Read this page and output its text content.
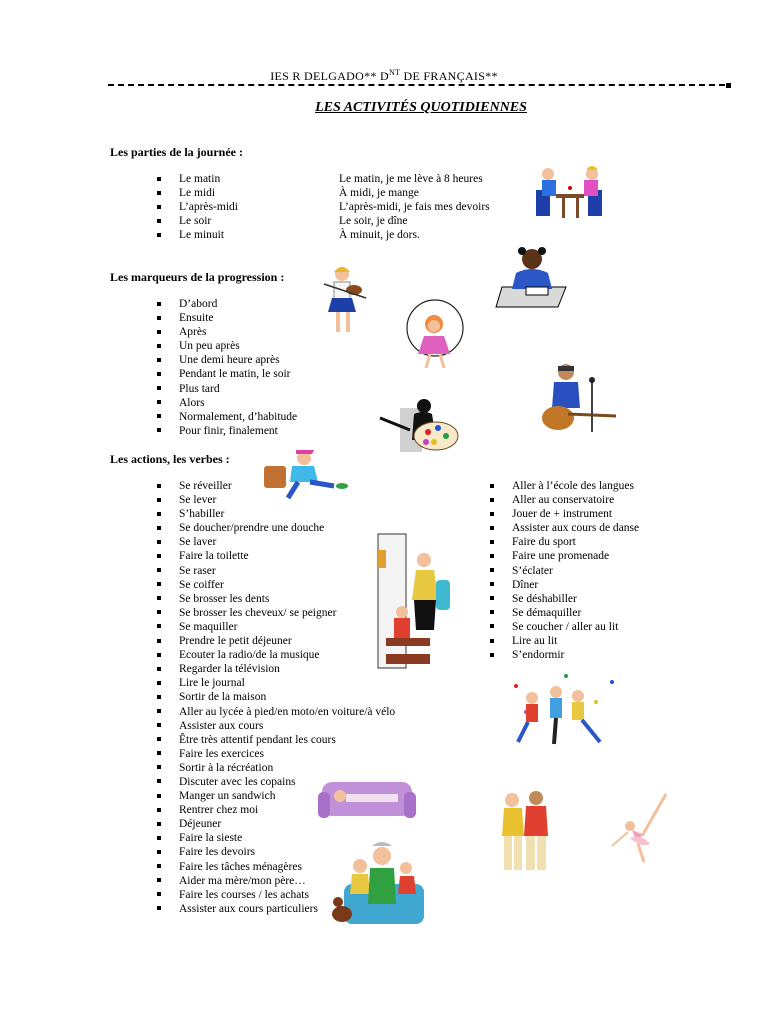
IES R DELGADO** $D^{NT}$ DE FRANÇAIS**
LES ACTIVITÉS QUOTIDIENNES
Les parties de la journée :
Le matin
Le midi
L’après-midi
Le soir
Le minuit
Le matin, je me lève à 8 heures
À midi, je mange
L’après-midi, je fais mes devoirs
Le soir, je dîne
À minuit, je dors.
Les marqueurs de la progression :
D’abord
Ensuite
Après
Un peu après
Une demi heure après
Pendant le matin, le soir
Plus tard
Alors
Normalement, d’habitude
Pour finir, finalement
Les actions, les verbes :
Se réveiller
Se lever
S’habiller
Se doucher/prendre une douche
Se laver
Faire la toilette
Se raser
Se coiffer
Se brosser les dents
Se brosser les cheveux/ se peigner
Se maquiller
Prendre le petit déjeuner
Ecouter la radio/de la musique
Regarder la télévision
Lire le journal
Sortir de la maison
Aller au lycée à pied/en moto/en voiture/à vélo
Assister aux cours
Être très attentif pendant les cours
Faire les exercices
Sortir à la récréation
Discuter avec les copains
Manger un sandwich
Rentrer chez moi
Déjeuner
Faire la sieste
Faire les devoirs
Faire les tâches ménagères
Aider ma mère/mon père…
Faire les courses / les achats
Assister aux cours particuliers
Aller à l’école des langues
Aller au conservatoire
Jouer de + instrument
Assister aux cours de danse
Faire du sport
Faire une promenade
S’éclater
Dîner
Se déshabiller
Se démaquiller
Se coucher / aller au lit
Lire au lit
S’endormir
